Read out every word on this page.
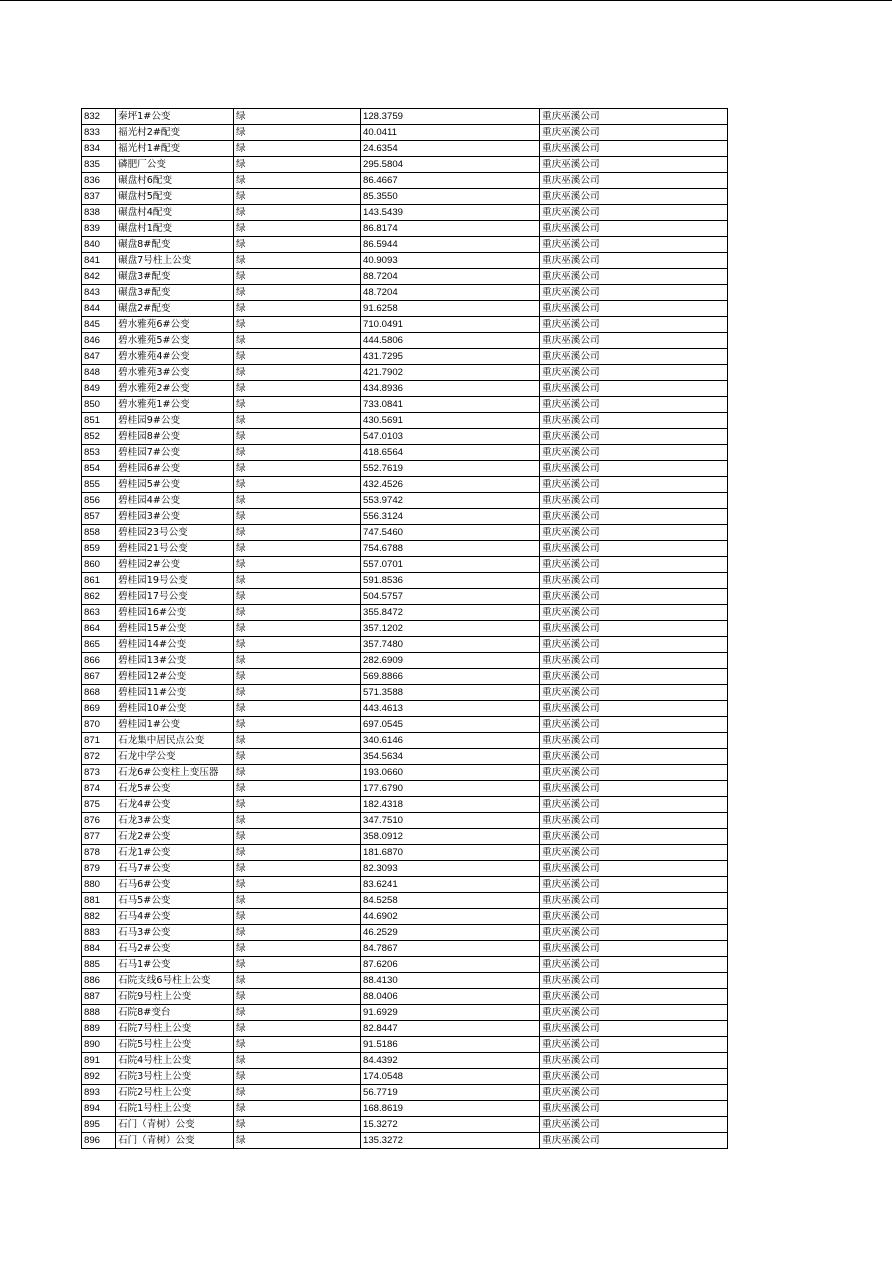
832	秦坪1#公变	绿	128.3759	重庆巫溪公司
833	福光村2#配变	绿	40.0411	重庆巫溪公司
834	福光村1#配变	绿	24.6354	重庆巫溪公司
835	磷肥厂公变	绿	295.5804	重庆巫溪公司
836	碾盘村6配变	绿	86.4667	重庆巫溪公司
837	碾盘村5配变	绿	85.3550	重庆巫溪公司
838	碾盘村4配变	绿	143.5439	重庆巫溪公司
839	碾盘村1配变	绿	86.8174	重庆巫溪公司
840	碾盘8#配变	绿	86.5944	重庆巫溪公司
841	碾盘7号柱上公变	绿	40.9093	重庆巫溪公司
842	碾盘3#配变	绿	88.7204	重庆巫溪公司
843	碾盘3#配变	绿	48.7204	重庆巫溪公司
844	碾盘2#配变	绿	91.6258	重庆巫溪公司
845	碧水雅苑6#公变	绿	710.0491	重庆巫溪公司
846	碧水雅苑5#公变	绿	444.5806	重庆巫溪公司
847	碧水雅苑4#公变	绿	431.7295	重庆巫溪公司
848	碧水雅苑3#公变	绿	421.7902	重庆巫溪公司
849	碧水雅苑2#公变	绿	434.8936	重庆巫溪公司
850	碧水雅苑1#公变	绿	733.0841	重庆巫溪公司
851	碧桂园9#公变	绿	430.5691	重庆巫溪公司
852	碧桂园8#公变	绿	547.0103	重庆巫溪公司
853	碧桂园7#公变	绿	418.6564	重庆巫溪公司
854	碧桂园6#公变	绿	552.7619	重庆巫溪公司
855	碧桂园5#公变	绿	432.4526	重庆巫溪公司
856	碧桂园4#公变	绿	553.9742	重庆巫溪公司
857	碧桂园3#公变	绿	556.3124	重庆巫溪公司
858	碧桂园23号公变	绿	747.5460	重庆巫溪公司
859	碧桂园21号公变	绿	754.6788	重庆巫溪公司
860	碧桂园2#公变	绿	557.0701	重庆巫溪公司
861	碧桂园19号公变	绿	591.8536	重庆巫溪公司
862	碧桂园17号公变	绿	504.5757	重庆巫溪公司
863	碧桂园16#公变	绿	355.8472	重庆巫溪公司
864	碧桂园15#公变	绿	357.1202	重庆巫溪公司
865	碧桂园14#公变	绿	357.7480	重庆巫溪公司
866	碧桂园13#公变	绿	282.6909	重庆巫溪公司
867	碧桂园12#公变	绿	569.8866	重庆巫溪公司
868	碧桂园11#公变	绿	571.3588	重庆巫溪公司
869	碧桂园10#公变	绿	443.4613	重庆巫溪公司
870	碧桂园1#公变	绿	697.0545	重庆巫溪公司
871	石龙集中居民点公变	绿	340.6146	重庆巫溪公司
872	石龙中学公变	绿	354.5634	重庆巫溪公司
873	石龙6#公变柱上变压器	绿	193.0660	重庆巫溪公司
874	石龙5#公变	绿	177.6790	重庆巫溪公司
875	石龙4#公变	绿	182.4318	重庆巫溪公司
876	石龙3#公变	绿	347.7510	重庆巫溪公司
877	石龙2#公变	绿	358.0912	重庆巫溪公司
878	石龙1#公变	绿	181.6870	重庆巫溪公司
879	石马7#公变	绿	82.3093	重庆巫溪公司
880	石马6#公变	绿	83.6241	重庆巫溪公司
881	石马5#公变	绿	84.5258	重庆巫溪公司
882	石马4#公变	绿	44.6902	重庆巫溪公司
883	石马3#公变	绿	46.2529	重庆巫溪公司
884	石马2#公变	绿	84.7867	重庆巫溪公司
885	石马1#公变	绿	87.6206	重庆巫溪公司
886	石院支线6号柱上公变	绿	88.4130	重庆巫溪公司
887	石院9号柱上公变	绿	88.0406	重庆巫溪公司
888	石院8#变台	绿	91.6929	重庆巫溪公司
889	石院7号柱上公变	绿	82.8447	重庆巫溪公司
890	石院5号柱上公变	绿	91.5186	重庆巫溪公司
891	石院4号柱上公变	绿	84.4392	重庆巫溪公司
892	石院3号柱上公变	绿	174.0548	重庆巫溪公司
893	石院2号柱上公变	绿	56.7719	重庆巫溪公司
894	石院1号柱上公变	绿	168.8619	重庆巫溪公司
895	石门（青树）公变	绿	15.3272	重庆巫溪公司
896	石门（青树）公变	绿	135.3272	重庆巫溪公司
